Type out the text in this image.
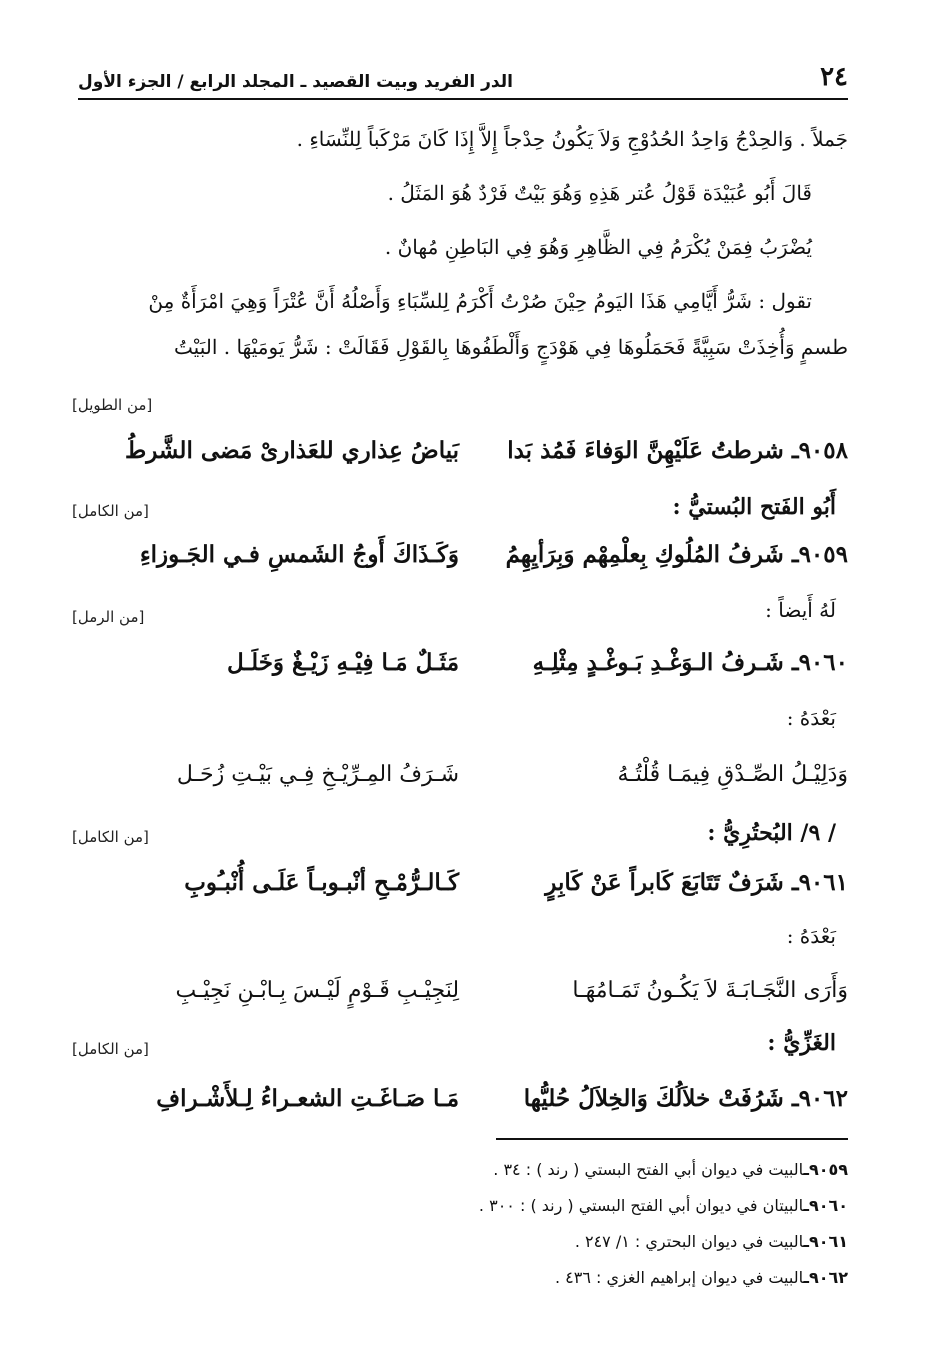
٢٤
الدر الفريد وبيت القصيد ـ المجلد الرابع / الجزء الأول
جَملاً . وَالحِدْجُ وَاحِدُ الحُدُوْجِ وَلاَ يَكُونُ حِدْجاً إِلاَّ إِذَا كَانَ مَرْكَباً لِلنِّسَاءِ .
قَالَ أَبُو عُبَيْدَة قَوْلُ عُتر هَذِهِ وَهُوَ بَيْتٌ فَرْدٌ هُوَ المَثَلُ .
يُضْرَبُ فِمَنْ يُكْرَمُ فِي الظَّاهِرِ وَهُوَ فِي البَاطِنِ مُهانٌ .
تقول : شَرُّ أَيَّامِي هَذَا اليَومُ حِيْنَ صُرْتُ أَكْرَمُ لِلسِّبَاءِ وَأَصْلُهُ أَنَّ عُتْرَاً وَهِيَ امْرَأَةٌ مِنْ
طسمٍ وَأُخِذَتْ سَبِيَّةً فَحَمَلُوهَا فِي هَوْدَجٍ وَأَلْطَفُوهَا بِالقَوْلِ فَقَالَتْ : شَرُّ يَومَيْهَا . البَيْتُ
[من الطويل]
٩٠٥٨ـ شرطتُ عَلَيْهِنَّ الوَفاءَ فَمُذ بَدا
بَياضُ عِذاري للعَذارىْ مَضى الشَّرطُ
أَبُو الفَتح البُستيُّ :
[من الكامل]
٩٠٥٩ـ شَرفُ المُلُوكِ بِعلْمِهْم وَبِرَأيِهِمُ
وَكَـذَاكَ أَوجُ الشَمسِ فـي الجَـوزاءِ
لَهُ أَيضاً :
[من الرمل]
٩٠٦٠ـ شَـرفُ الـوَغْـدِ بَـوغْـدٍ مِثْلِـهِ
مَثَـلٌ مَـا فِيْـهِ زَيْـغٌ وَخَلَـل
بَعْدَهُ :
وَدَلِيْـلُ الصِّـدْقِ فِيمَـا قُلْتُـهُ
شَـرَفُ المِـرِّيْـخِ فِـي بَيْـتِ زُحَـل
/ ٩/ البُحتُرِيُّ :
[من الكامل]
٩٠٦١ـ شَرَفٌ تَتَابَعَ كَابراً عَنْ كَابِرٍ
كَـالـرُّمْـحِ أنْبـوبـاً عَلَـى أُنْبـُوبِ
بَعْدَهُ :
وَأَرَى النَّجَـابَـةَ لاَ يَكُـونُ تَمَـامُهَـا
لِنَجِيْـبِ قَـوْمٍ لَيْـسَ بِـابْـنِ نَجِيْـبِ
الغَزِّيُّ :
[من الكامل]
٩٠٦٢ـ شَرُفَتْ خلاَلُكَ وَالخِلاَلُ حُليُّها
مَـا صَـاغَـتِ الشعـراءُ لِـلأَشْـرافِ
٩٠٥٩ـالبيت في ديوان أبي الفتح البستي ( رند ) : ٣٤ .
٩٠٦٠ـالبيتان في ديوان أبي الفتح البستي ( رند ) : ٣٠٠ .
٩٠٦١ـالبيت في ديوان البحتري : ١/ ٢٤٧ .
٩٠٦٢ـالبيت في ديوان إبراهيم الغزي : ٤٣٦ .
